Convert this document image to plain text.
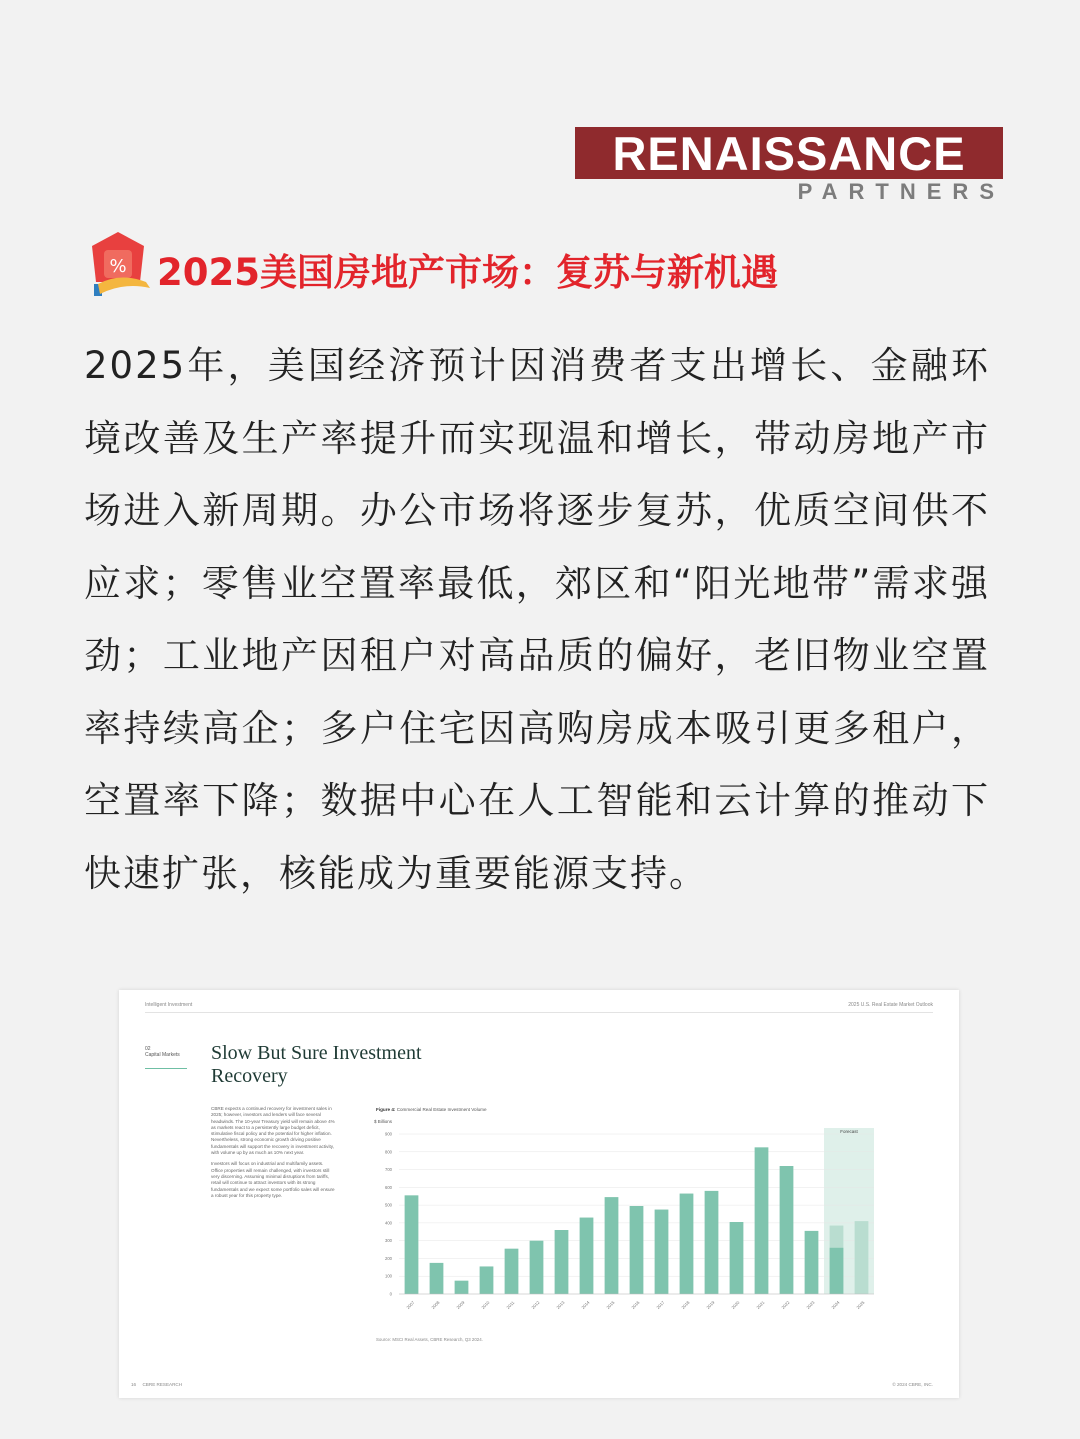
RENAISSANCE
PARTNERS
% 2025美国房地产市场：复苏与新机遇
2025年，美国经济预计因消费者支出增长、金融环境改善及生产率提升而实现温和增长，带动房地产市场进入新周期。办公市场将逐步复苏，优质空间供不应求；零售业空置率最低，郊区和“阳光地带”需求强劲；工业地产因租户对高品质的偏好，老旧物业空置率持续高企；多户住宅因高购房成本吸引更多租户，空置率下降；数据中心在人工智能和云计算的推动下快速扩张，核能成为重要能源支持。
Intelligent Investment	2025 U.S. Real Estate Market Outlook
02
Capital Markets	Slow But Sure Investment Recovery

CBRE expects a continued recovery for investment sales in 2025; however, investors and lenders will face several headwinds. The 10-year Treasury yield will remain above 4% as markets react to a persistently large budget deficit, stimulative fiscal policy and the potential for higher inflation. Nevertheless, strong economic growth driving positive fundamentals will support the recovery in investment activity, with volume up by as much as 10% next year.

Investors will focus on industrial and multifamily assets. Office properties will remain challenged, with investors still very discerning. Assuming minimal disruptions from tariffs, retail will continue to attract investors with its strong fundamentals and we expect some portfolio sales will ensure a robust year for this property type.

Figure 4: Commercial Real Estate Investment Volume
Forecast
$ Billions
0
100
200
300
400
500
600
700
800
900
2007	2008	2009	2010	2011	2012	2013	2014	2015	2016	2017	2018	2019	2020	2021	2022	2023	2024	2025
Source: MSCI Real Assets, CBRE Research, Q3 2024.
16     CBRE RESEARCH	© 2024 CBRE, INC.
